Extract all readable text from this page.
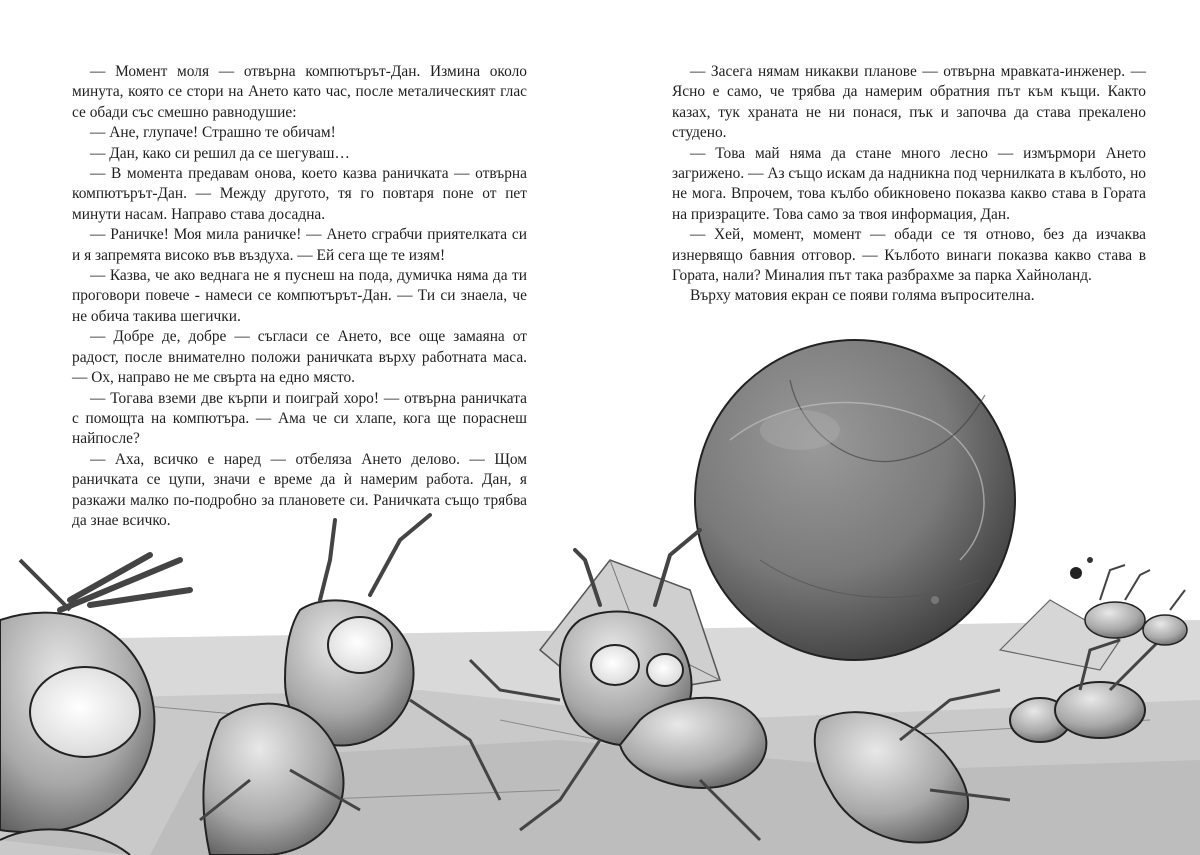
— Момент моля — отвърна компютърът-Дан. Измина около минута, която се стори на Ането като час, после металическият глас се обади със смешно равнодушие:

— Ане, глупаче! Страшно те обичам!

— Дан, како си решил да се шегуваш…

— В момента предавам онова, което казва раничката — отвърна компютърът-Дан. — Между другото, тя го повтаря поне от пет минути насам. Направо става досадна.

— Раничке! Моя мила раничке! — Ането сграбчи приятелката си и я запремята високо във въздуха. — Ей сега ще те изям!

— Казва, че ако веднага не я пуснеш на пода, думичка няма да ти проговори повече - намеси се компютърът-Дан. — Ти си знаела, че не обича такива шегички.

— Добре де, добре — съгласи се Ането, все още замаяна от радост, после внимателно положи раничката върху работната маса. — Ох, направо не ме свърта на едно място.

— Тогава вземи две кърпи и поиграй хоро! — отвърна раничката с помощта на компютъра. — Ама че си хлапе, кога ще пораснеш найпосле?

— Аха, всичко е наред — отбеляза Ането делово. — Щом раничката се цупи, значи е време да ѝ намерим работа. Дан, я разкажи малко по-подробно за плановете си. Раничката също трябва да знае всичко.

— Засега нямам никакви планове — отвърна мравката-инженер. — Ясно е само, че трябва да намерим обратния път към къщи. Както казах, тук храната не ни понася, пък и започва да става прекалено студено.

— Това май няма да стане много лесно — измърмори Ането загрижено. — Аз също искам да надникна под чернилката в кълбото, но не мога. Впрочем, това кълбо обикновено показва какво става в Гората на призраците. Това само за твоя информация, Дан.

— Хей, момент, момент — обади се тя отново, без да изчаква изнервящо бавния отговор. — Кълбото винаги показва какво става в Гората, нали? Миналия път така разбрахме за парка Хайноланд.

Върху матовия екран се появи голяма въпросителна.
